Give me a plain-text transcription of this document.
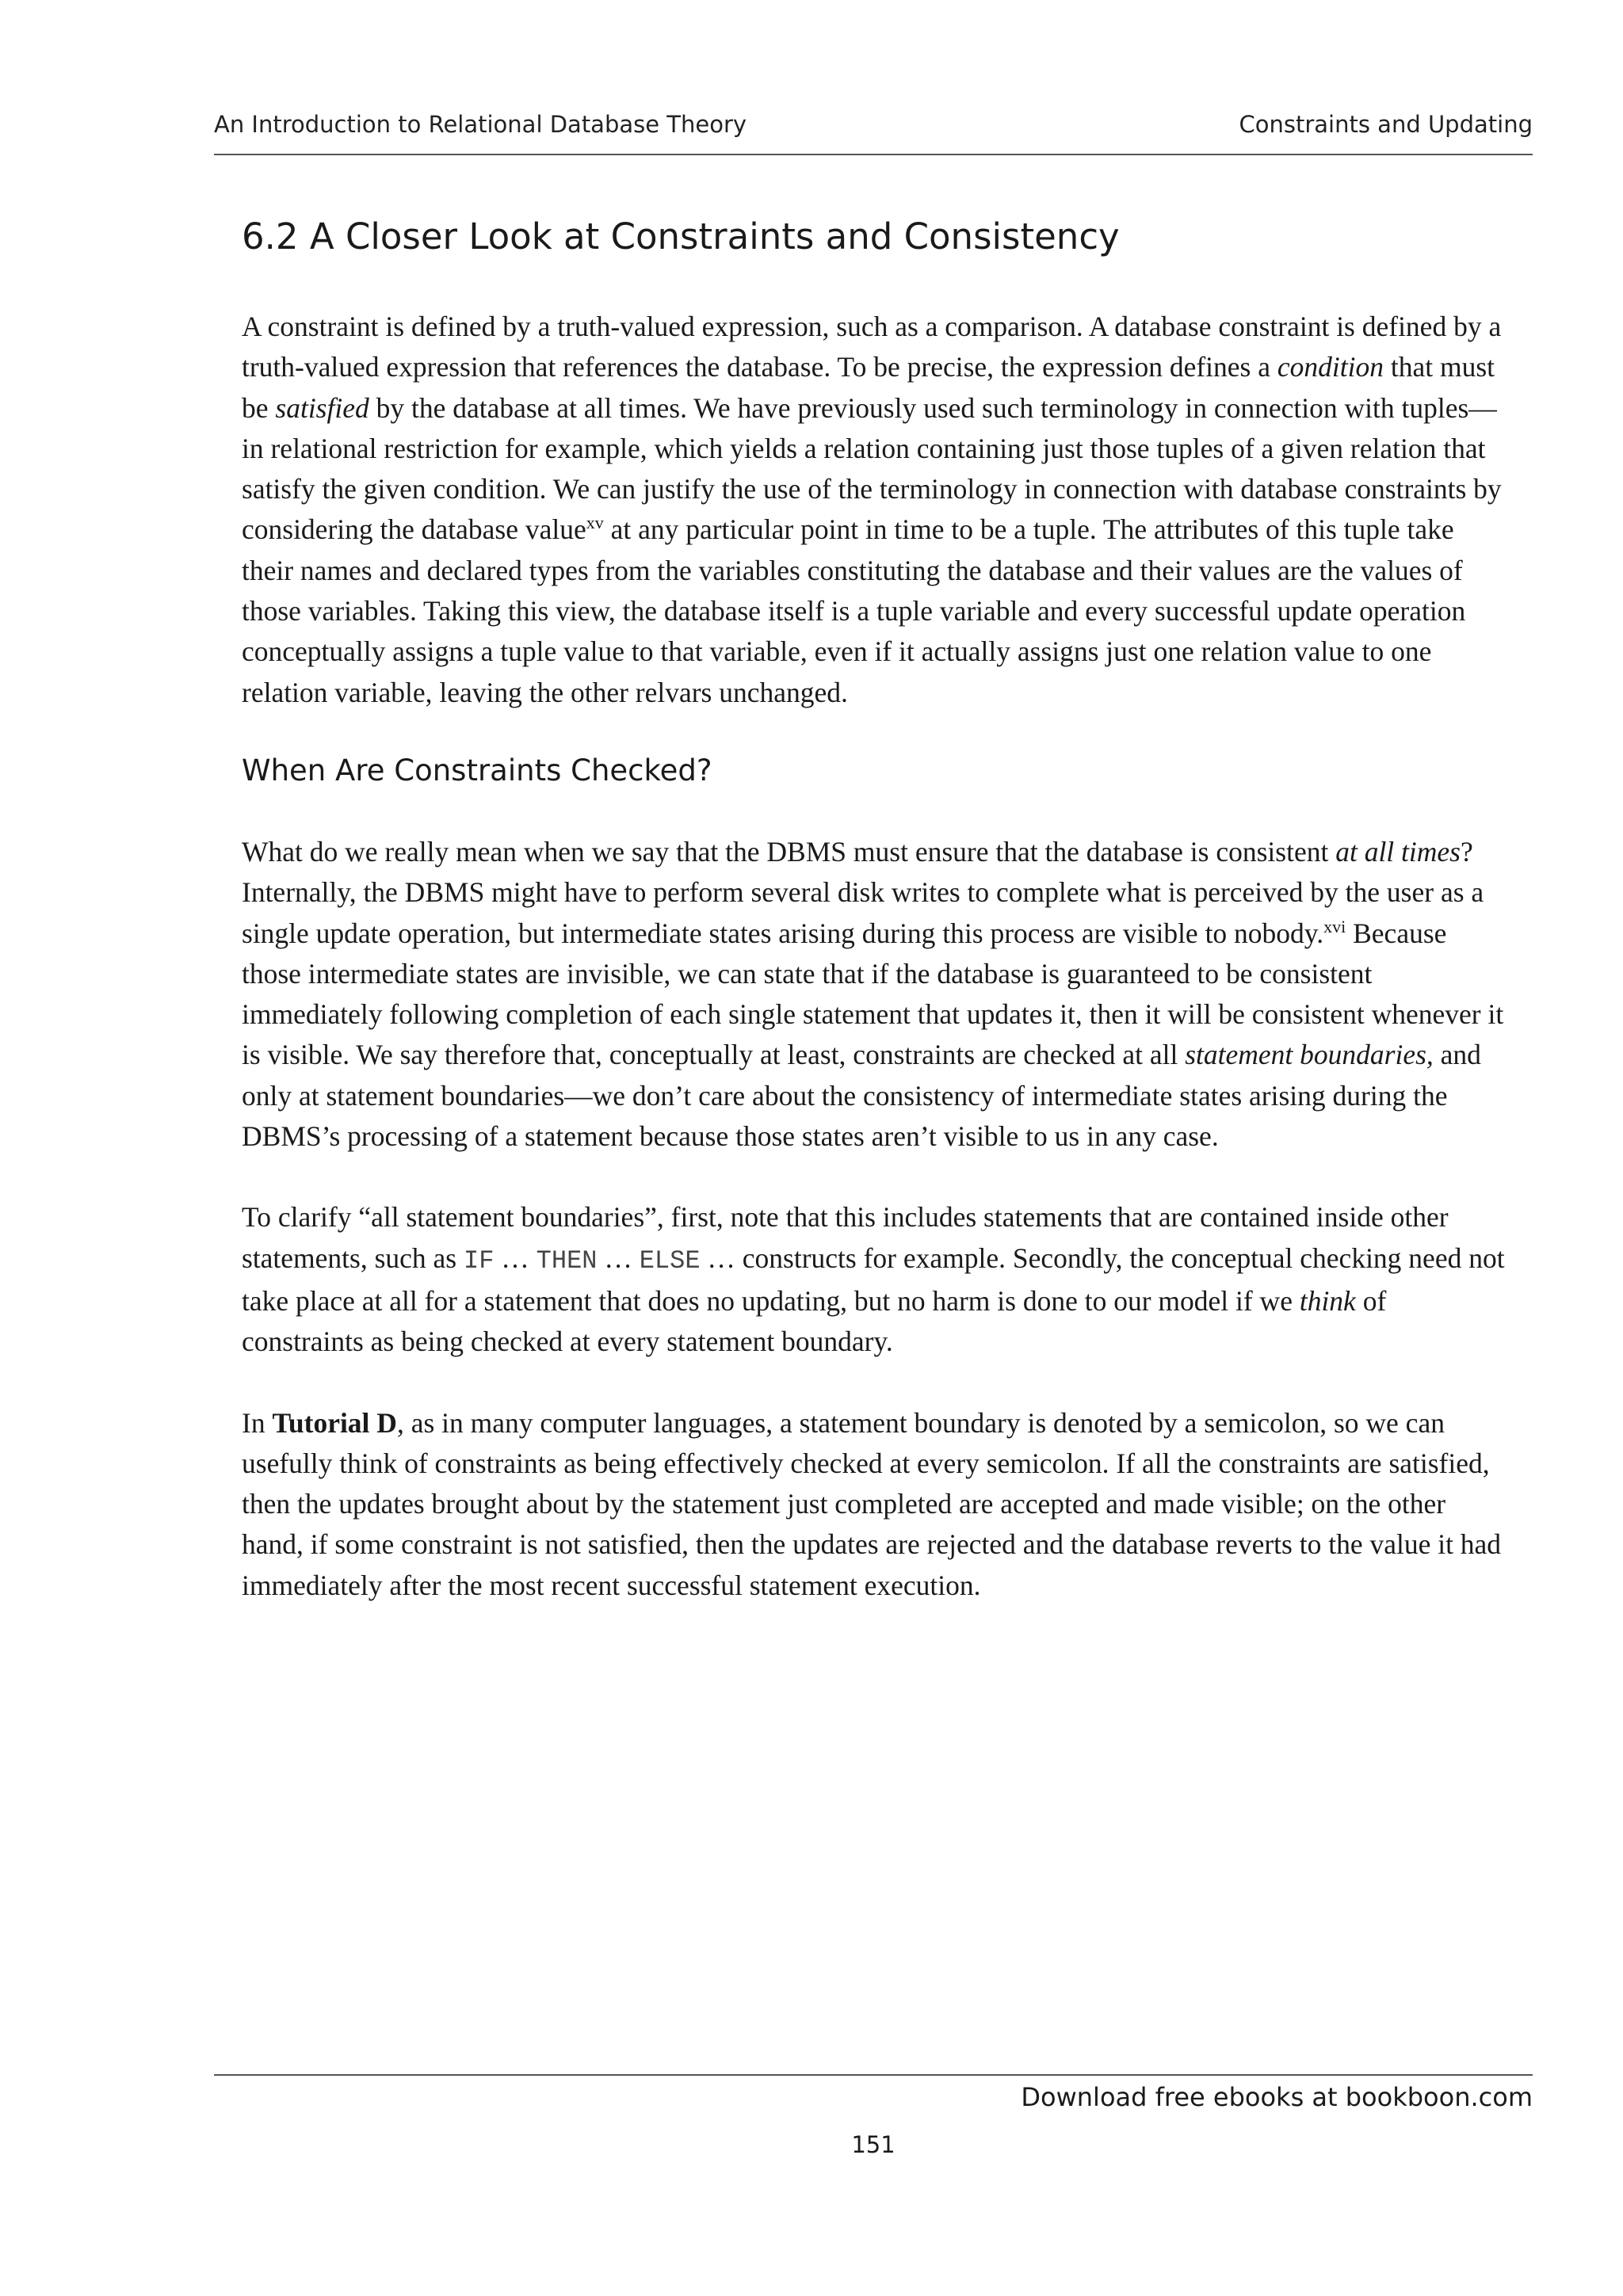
An Introduction to Relational Database Theory	Constraints and Updating
6.2 A Closer Look at Constraints and Consistency

A constraint is defined by a truth-valued expression, such as a comparison. A database constraint is defined by a truth-valued expression that references the database. To be precise, the expression defines a condition that must be satisfied by the database at all times. We have previously used such terminology in connection with tuples—in relational restriction for example, which yields a relation containing just those tuples of a given relation that satisfy the given condition. We can justify the use of the terminology in connection with database constraints by considering the database value$^{xv}$ at any particular point in time to be a tuple. The attributes of this tuple take their names and declared types from the variables constituting the database and their values are the values of those variables. Taking this view, the database itself is a tuple variable and every successful update operation conceptually assigns a tuple value to that variable, even if it actually assigns just one relation value to one relation variable, leaving the other relvars unchanged.

When Are Constraints Checked?

What do we really mean when we say that the DBMS must ensure that the database is consistent at all times? Internally, the DBMS might have to perform several disk writes to complete what is perceived by the user as a single update operation, but intermediate states arising during this process are visible to nobody.$^{xvi}$ Because those intermediate states are invisible, we can state that if the database is guaranteed to be consistent immediately following completion of each single statement that updates it, then it will be consistent whenever it is visible. We say therefore that, conceptually at least, constraints are checked at all statement boundaries, and only at statement boundaries—we don’t care about the consistency of intermediate states arising during the DBMS’s processing of a statement because those states aren’t visible to us in any case.

To clarify “all statement boundaries”, first, note that this includes statements that are contained inside other statements, such as IF … THEN … ELSE … constructs for example. Secondly, the conceptual checking need not take place at all for a statement that does no updating, but no harm is done to our model if we think of constraints as being checked at every statement boundary.

In Tutorial D, as in many computer languages, a statement boundary is denoted by a semicolon, so we can usefully think of constraints as being effectively checked at every semicolon. If all the constraints are satisfied, then the updates brought about by the statement just completed are accepted and made visible; on the other hand, if some constraint is not satisfied, then the updates are rejected and the database reverts to the value it had immediately after the most recent successful statement execution.

Download free ebooks at bookboon.com
151
